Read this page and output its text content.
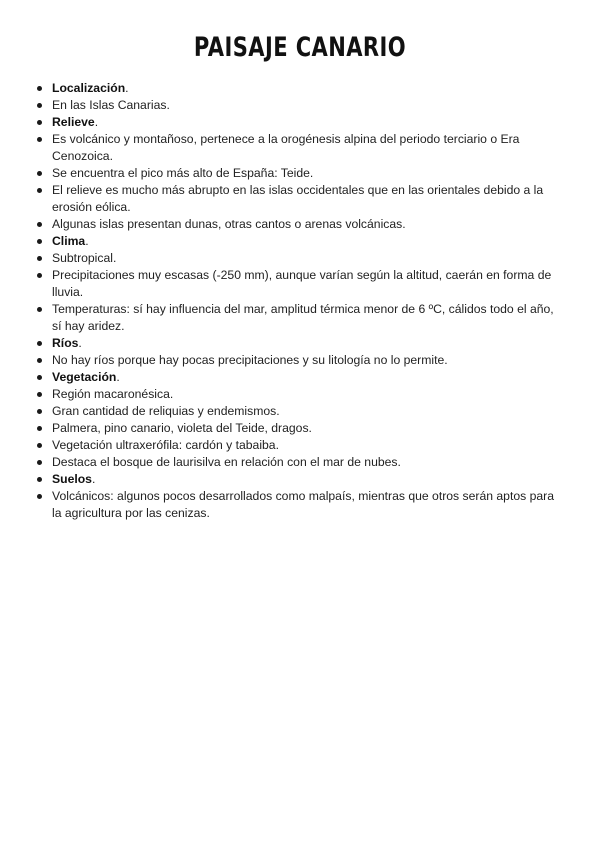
PAISAJE CANARIO
Localización.
En las Islas Canarias.
Relieve.
Es volcánico y montañoso, pertenece a la orogénesis alpina del periodo terciario o Era Cenozoica.
Se encuentra el pico más alto de España: Teide.
El relieve es mucho más abrupto en las islas occidentales que en las orientales debido a la erosión eólica.
Algunas islas presentan dunas, otras cantos o arenas volcánicas.
Clima.
Subtropical.
Precipitaciones muy escasas (-250 mm), aunque varían según la altitud, caerán en forma de lluvia.
Temperaturas: sí hay influencia del mar, amplitud térmica menor de 6 ºC, cálidos todo el año, sí hay aridez.
Ríos.
No hay ríos porque hay pocas precipitaciones y su litología no lo permite.
Vegetación.
Región macaronésica.
Gran cantidad de reliquias y endemismos.
Palmera, pino canario, violeta del Teide, dragos.
Vegetación ultraxerófila: cardón y tabaiba.
Destaca el bosque de laurisilva en relación con el mar de nubes.
Suelos.
Volcánicos: algunos pocos desarrollados como malpaís, mientras que otros serán aptos para la agricultura por las cenizas.
